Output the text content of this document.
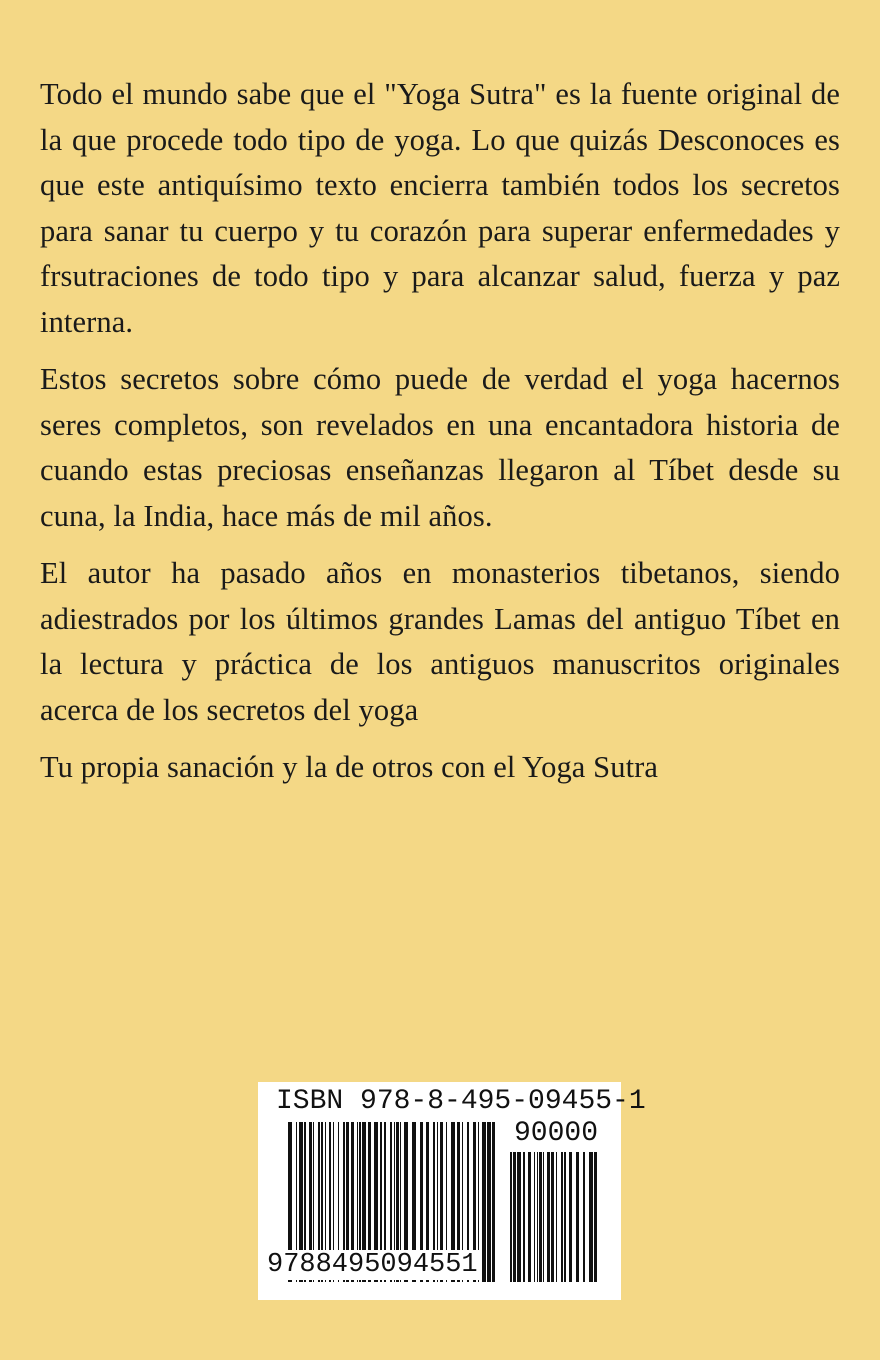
Todo el mundo sabe que el "Yoga Sutra" es la fuente original de la que procede todo tipo de yoga. Lo que quizás Desconoces es que este antiquísimo texto encierra también todos los secretos para sanar tu cuerpo y tu corazón para superar enfermedades y frsutraciones de todo tipo y para alcanzar salud, fuerza y paz interna.

Estos secretos sobre cómo puede de verdad el yoga hacernos seres completos, son revelados en una encantadora historia de cuando estas preciosas enseñanzas llegaron al Tíbet desde su cuna, la India, hace más de mil años.

El autor ha pasado años en monasterios tibetanos, siendo adiestrados por los últimos grandes Lamas del antiguo Tíbet en la lectura y práctica de los antiguos manuscritos originales acerca de los secretos del yoga

Tu propia sanación y la de otros con el Yoga Sutra

ISBN 978-8-495-09455-1
90000
9788495094551
